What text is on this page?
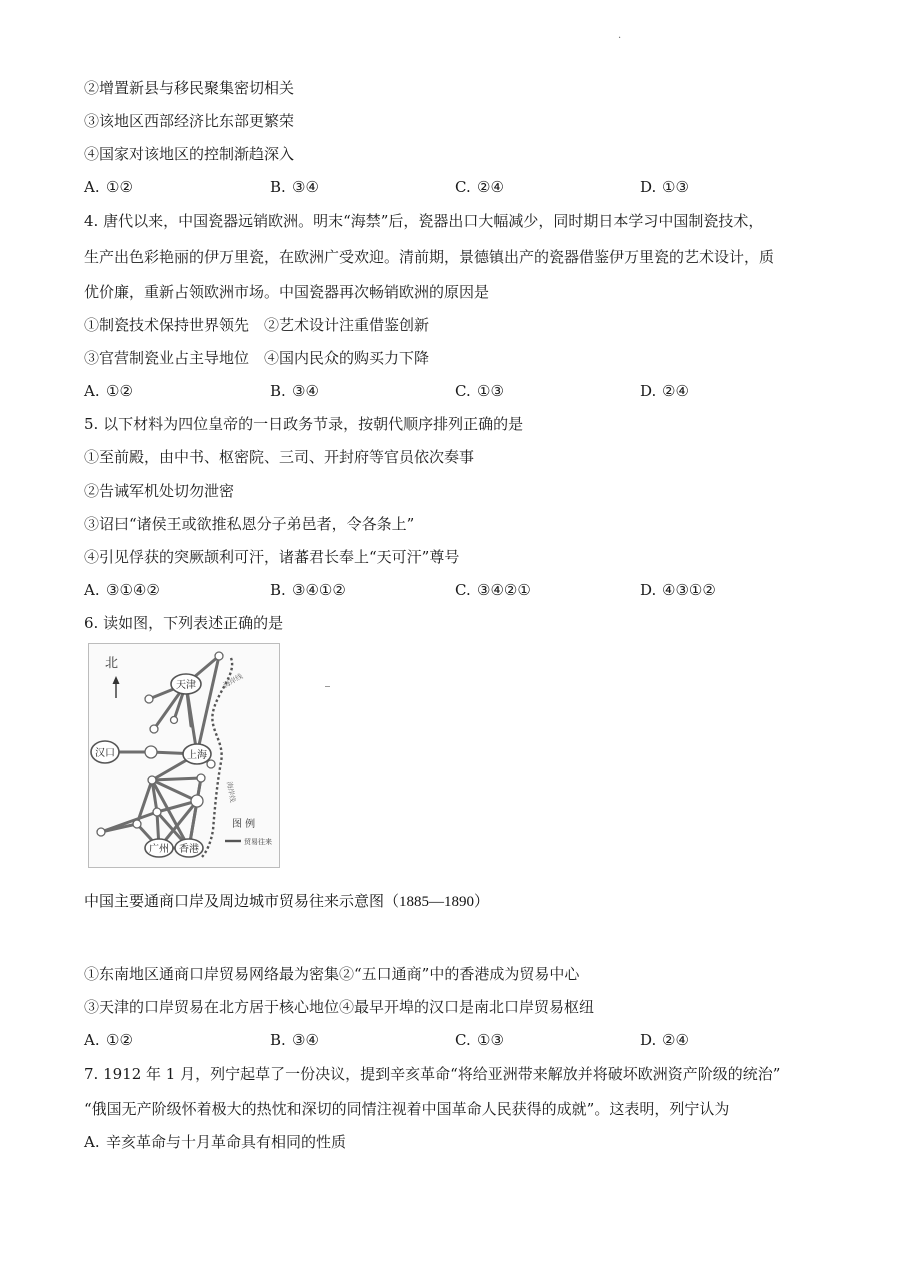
.
②增置新县与移民聚集密切相关
③该地区西部经济比东部更繁荣
④国家对该地区的控制渐趋深入
A. ①②	B. ③④	C. ②④	D. ①③
4. 唐代以来，中国瓷器远销欧洲。明末“海禁”后，瓷器出口大幅减少，同时期日本学习中国制瓷技术，
生产出色彩艳丽的伊万里瓷，在欧洲广受欢迎。清前期，景德镇出产的瓷器借鉴伊万里瓷的艺术设计，质
优价廉，重新占领欧洲市场。中国瓷器再次畅销欧洲的原因是
①制瓷技术保持世界领先　②艺术设计注重借鉴创新
③官营制瓷业占主导地位　④国内民众的购买力下降
A. ①②	B. ③④	C. ①③	D. ②④
5. 以下材料为四位皇帝的一日政务节录，按朝代顺序排列正确的是
①至前殿，由中书、枢密院、三司、开封府等官员依次奏事
②告诫军机处切勿泄密
③诏曰“诸侯王或欲推私恩分子弟邑者，令各条上”
④引见俘获的突厥颉利可汗，诸蕃君长奉上“天可汗”尊号
A. ③①④②	B. ③④①②	C. ③④②①	D. ④③①②
6. 读如图，下列表述正确的是
北
海岸线
海岸线
天津
汉口	上海
广州 香港
图 例
贸易往来
中国主要通商口岸及周边城市贸易往来示意图（1885—1890）
①东南地区通商口岸贸易网络最为密集②“五口通商”中的香港成为贸易中心
③天津的口岸贸易在北方居于核心地位④最早开埠的汉口是南北口岸贸易枢纽
A. ①②	B. ③④	C. ①③	D. ②④
7. 1912 年 1 月，列宁起草了一份决议，提到辛亥革命“将给亚洲带来解放并将破坏欧洲资产阶级的统治”
“俄国无产阶级怀着极大的热忱和深切的同情注视着中国革命人民获得的成就”。这表明，列宁认为
A. 辛亥革命与十月革命具有相同的性质
